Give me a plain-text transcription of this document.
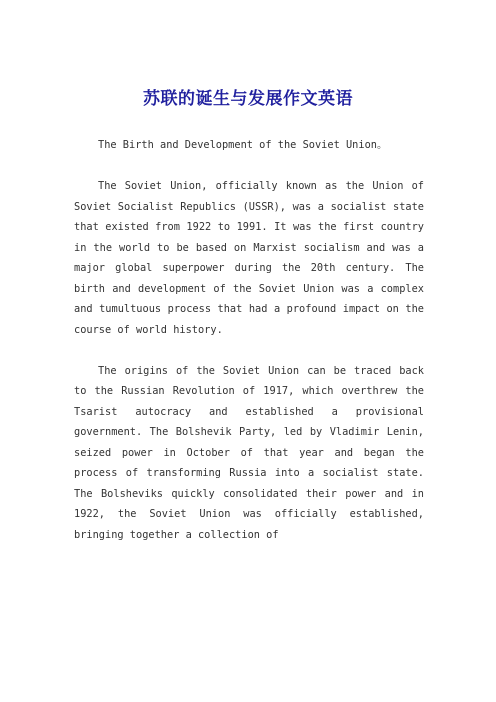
苏联的诞生与发展作文英语

The Birth and Development of the Soviet Union。

The Soviet Union, officially known as the Union of Soviet Socialist Republics (USSR), was a socialist state that existed from 1922 to 1991. It was the first country in the world to be based on Marxist socialism and was a major global superpower during the 20th century. The birth and development of the Soviet Union was a complex and tumultuous process that had a profound impact on the course of world history.

The origins of the Soviet Union can be traced back to the Russian Revolution of 1917, which overthrew the Tsarist autocracy and established a provisional government. The Bolshevik Party, led by Vladimir Lenin, seized power in October of that year and began the process of transforming Russia into a socialist state. The Bolsheviks quickly consolidated their power and in 1922, the Soviet Union was officially established, bringing together a collection of
